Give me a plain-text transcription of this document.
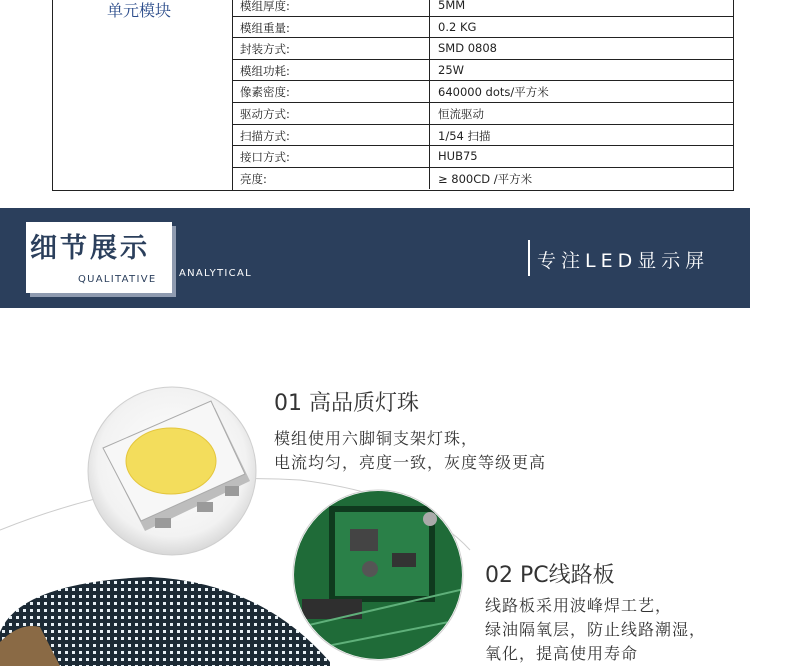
单元模块	模组厚度:	5MM
模组重量:	0.2 KG
封装方式:	SMD 0808
模组功耗:	25W
像素密度:	640000 dots/平方米
驱动方式:	恒流驱动
扫描方式:	1/54 扫描
接口方式:	HUB75
亮度:	≥ 800CD /平方米
细节展示
QUALITATIVE
ANALYTICAL
专注LED显示屏
01 高品质灯珠
模组使用六脚铜支架灯珠，
电流均匀，亮度一致，灰度等级更高
02 PC线路板
线路板采用波峰焊工艺，
绿油隔氧层，防止线路潮湿，
氧化，提高使用寿命
